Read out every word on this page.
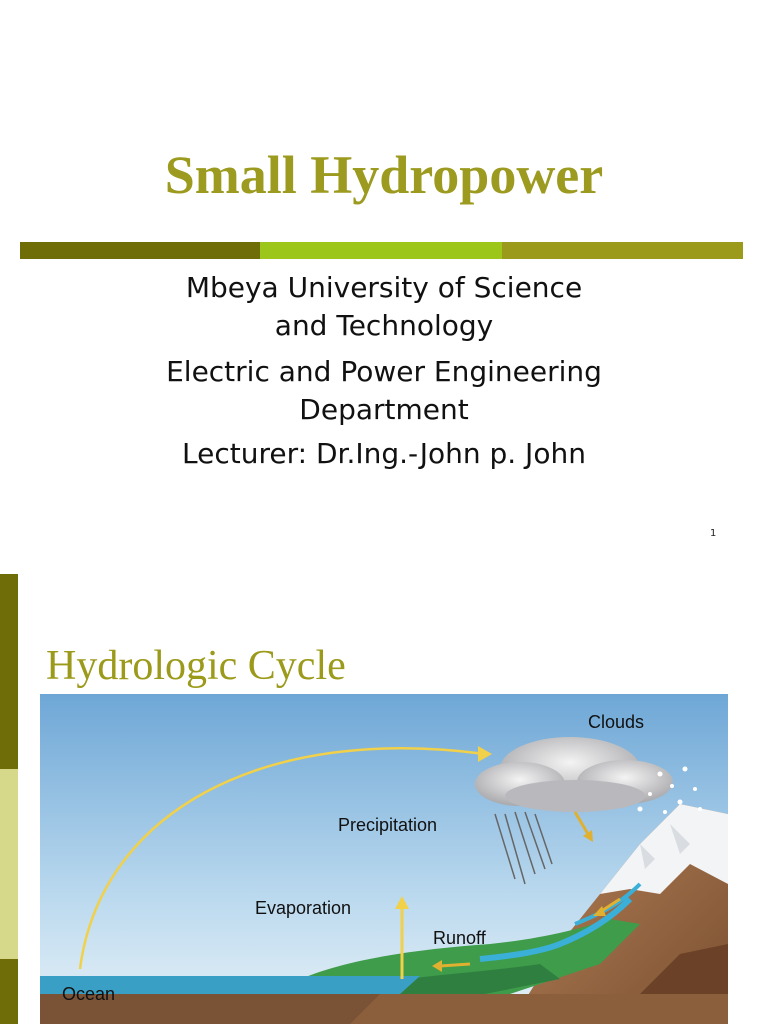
Small Hydropower
Mbeya University of Science
and Technology
Electric and Power Engineering
Department
Lecturer: Dr.Ing.-John p. John
1
Hydrologic Cycle
Clouds
Precipitation
Evaporation
Runoff
Ocean
